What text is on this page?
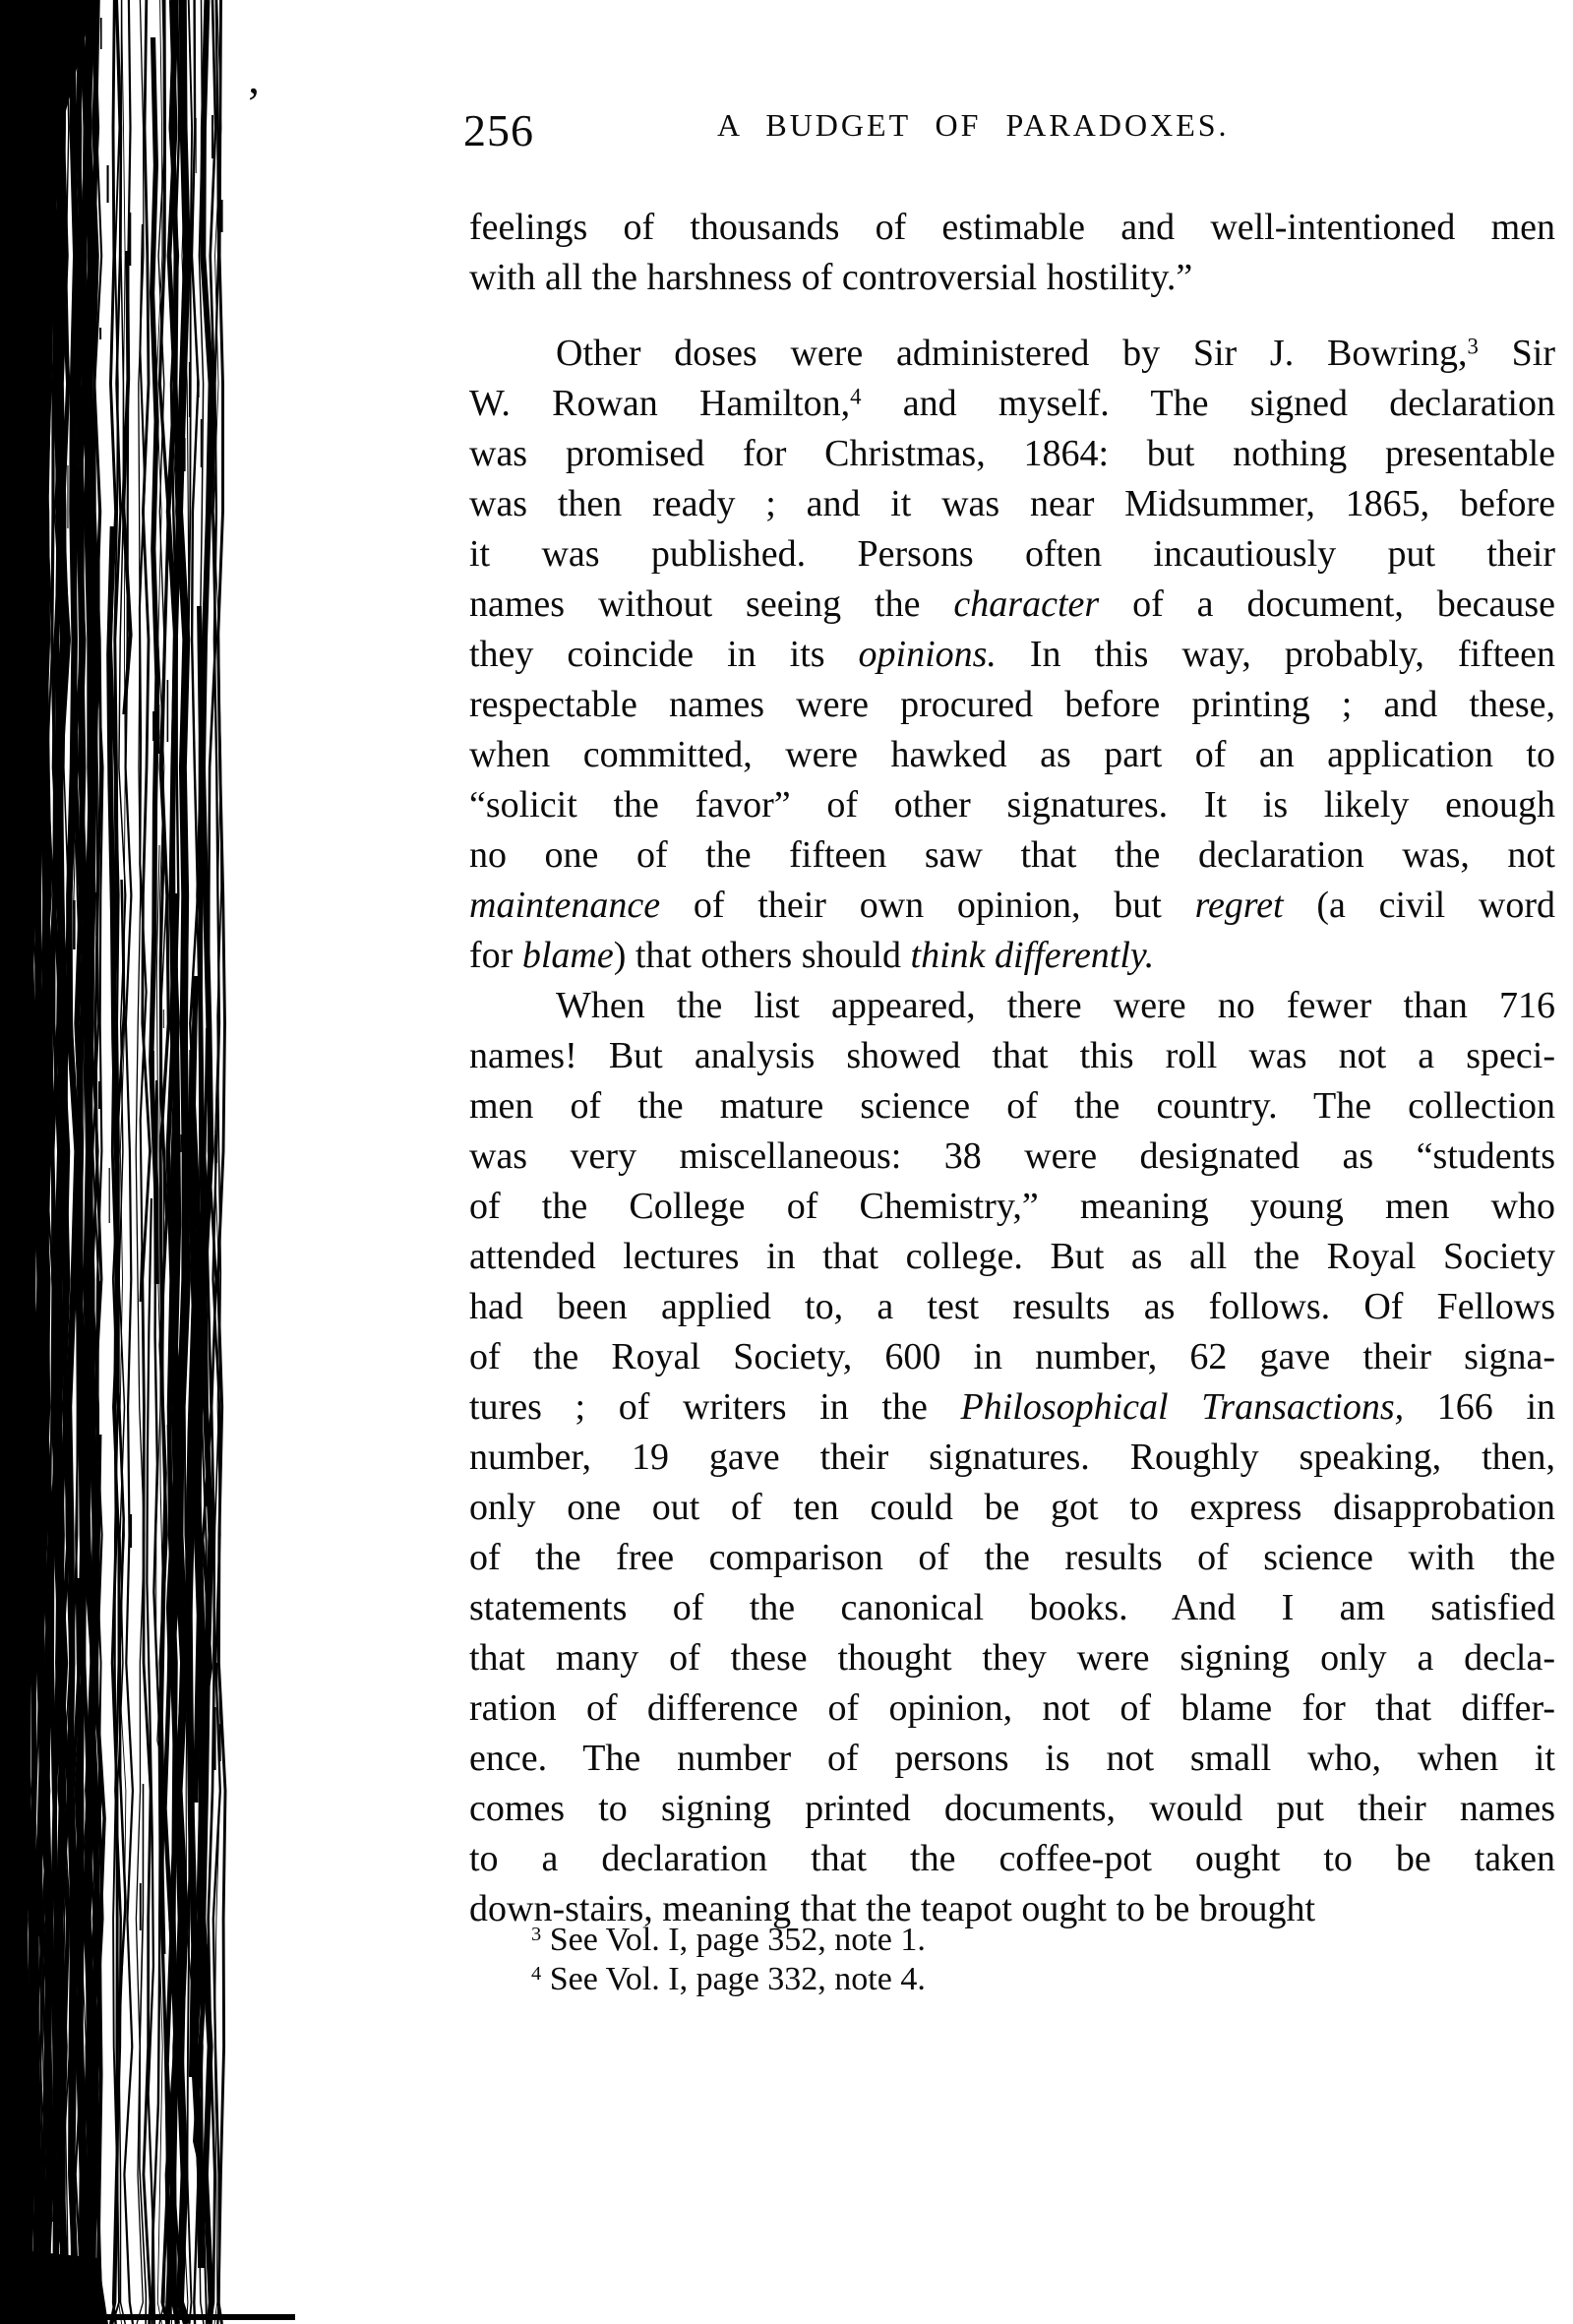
’
256	A BUDGET OF PARADOXES.
feelings of thousands of estimable and well-intentioned men
with all the harshness of controversial hostility.”
Other doses were administered by Sir J. Bowring,$^3$ Sir
W. Rowan Hamilton,$^4$ and myself. The signed declaration
was promised for Christmas, 1864: but nothing presentable
was then ready ; and it was near Midsummer, 1865, before
it was published. Persons often incautiously put their
names without seeing the character of a document, because
they coincide in its opinions. In this way, probably, fifteen
respectable names were procured before printing ; and these,
when committed, were hawked as part of an application to
“solicit the favor” of other signatures. It is likely enough
no one of the fifteen saw that the declaration was, not
maintenance of their own opinion, but regret (a civil word
for blame) that others should think differently.
When the list appeared, there were no fewer than 716
names! But analysis showed that this roll was not a speci-
men of the mature science of the country. The collection
was very miscellaneous: 38 were designated as “students
of the College of Chemistry,” meaning young men who
attended lectures in that college. But as all the Royal Society
had been applied to, a test results as follows. Of Fellows
of the Royal Society, 600 in number, 62 gave their signa-
tures ; of writers in the Philosophical Transactions, 166 in
number, 19 gave their signatures. Roughly speaking, then,
only one out of ten could be got to express disapprobation
of the free comparison of the results of science with the
statements of the canonical books. And I am satisfied
that many of these thought they were signing only a decla-
ration of difference of opinion, not of blame for that differ-
ence. The number of persons is not small who, when it
comes to signing printed documents, would put their names
to a declaration that the coffee-pot ought to be taken
down-stairs, meaning that the teapot ought to be brought
$^3$ See Vol. I, page 352, note 1.
$^4$ See Vol. I, page 332, note 4.
